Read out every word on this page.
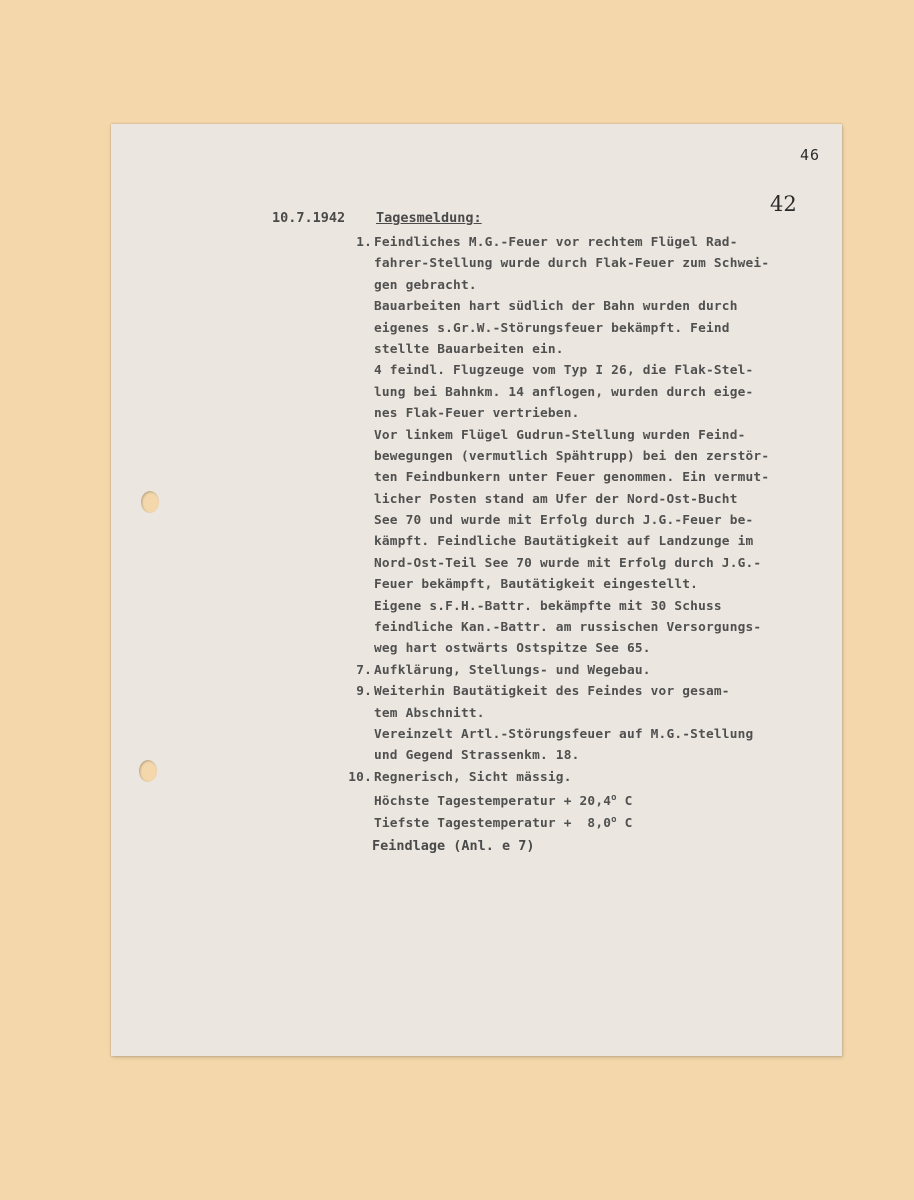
46
42
10.7.1942 Tagesmeldung:
1. Feindliches M.G.-Feuer vor rechtem Flügel Rad-
fahrer-Stellung wurde durch Flak-Feuer zum Schwei-
gen gebracht.
Bauarbeiten hart südlich der Bahn wurden durch
eigenes s.Gr.W.-Störungsfeuer bekämpft. Feind
stellte Bauarbeiten ein.
4 feindl. Flugzeuge vom Typ I 26, die Flak-Stel-
lung bei Bahnkm. 14 anflogen, wurden durch eige-
nes Flak-Feuer vertrieben.
Vor linkem Flügel Gudrun-Stellung wurden Feind-
bewegungen (vermutlich Spähtrupp) bei den zerstör-
ten Feindbunkern unter Feuer genommen. Ein vermut-
licher Posten stand am Ufer der Nord-Ost-Bucht
See 70 und wurde mit Erfolg durch J.G.-Feuer be-
kämpft. Feindliche Bautätigkeit auf Landzunge im
Nord-Ost-Teil See 70 wurde mit Erfolg durch J.G.-
Feuer bekämpft, Bautätigkeit eingestellt.
Eigene s.F.H.-Battr. bekämpfte mit 30 Schuss
feindliche Kan.-Battr. am russischen Versorgungs-
weg hart ostwärts Ostspitze See 65.
7. Aufklärung, Stellungs- und Wegebau.
9. Weiterhin Bautätigkeit des Feindes vor gesam-
tem Abschnitt.
Vereinzelt Artl.-Störungsfeuer auf M.G.-Stellung
und Gegend Strassenkm. 18.
10. Regnerisch, Sicht mässig.
Höchste Tagestemperatur + $20,4^o$ C
Tiefste Tagestemperatur +  8,0$^o$ C
Feindlage (Anl. e 7)
